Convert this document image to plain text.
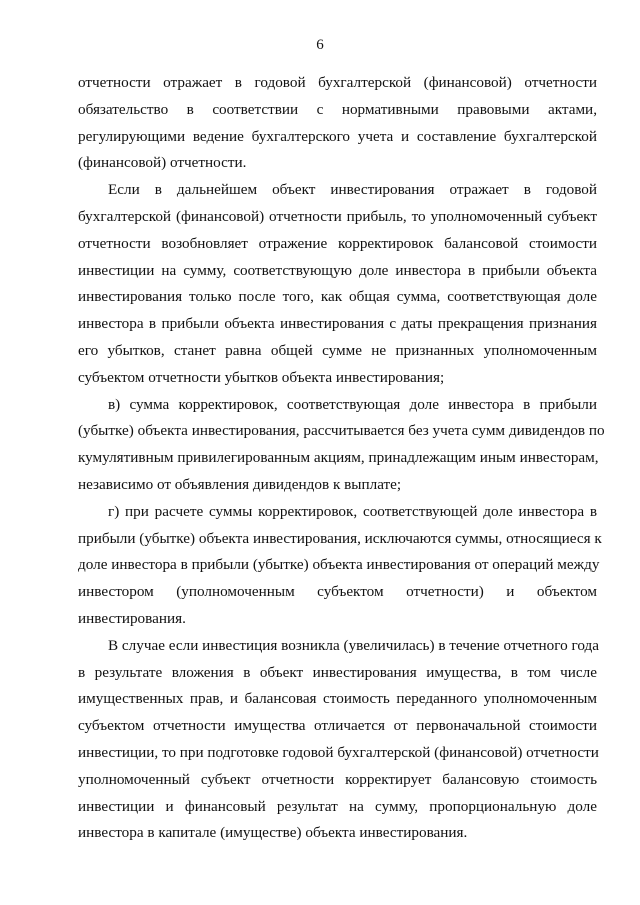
6
отчетности отражает в годовой бухгалтерской (финансовой) отчетности
обязательство в соответствии с нормативными правовыми актами,
регулирующими ведение бухгалтерского учета и составление бухгалтерской
(финансовой) отчетности.
Если в дальнейшем объект инвестирования отражает в годовой
бухгалтерской (финансовой) отчетности прибыль, то уполномоченный субъект
отчетности возобновляет отражение корректировок балансовой стоимости
инвестиции на сумму, соответствующую доле инвестора в прибыли объекта
инвестирования только после того, как общая сумма, соответствующая доле
инвестора в прибыли объекта инвестирования с даты прекращения признания
его убытков, станет равна общей сумме не признанных уполномоченным
субъектом отчетности убытков объекта инвестирования;
в) сумма корректировок, соответствующая доле инвестора в прибыли
(убытке) объекта инвестирования, рассчитывается без учета сумм дивидендов по
кумулятивным привилегированным акциям, принадлежащим иным инвесторам,
независимо от объявления дивидендов к выплате;
г) при расчете суммы корректировок, соответствующей доле инвестора в
прибыли (убытке) объекта инвестирования, исключаются суммы, относящиеся к
доле инвестора в прибыли (убытке) объекта инвестирования от операций между
инвестором (уполномоченным субъектом отчетности) и объектом
инвестирования.
В случае если инвестиция возникла (увеличилась) в течение отчетного года
в результате вложения в объект инвестирования имущества, в том числе
имущественных прав, и балансовая стоимость переданного уполномоченным
субъектом отчетности имущества отличается от первоначальной стоимости
инвестиции, то при подготовке годовой бухгалтерской (финансовой) отчетности
уполномоченный субъект отчетности корректирует балансовую стоимость
инвестиции и финансовый результат на сумму, пропорциональную доле
инвестора в капитале (имуществе) объекта инвестирования.
